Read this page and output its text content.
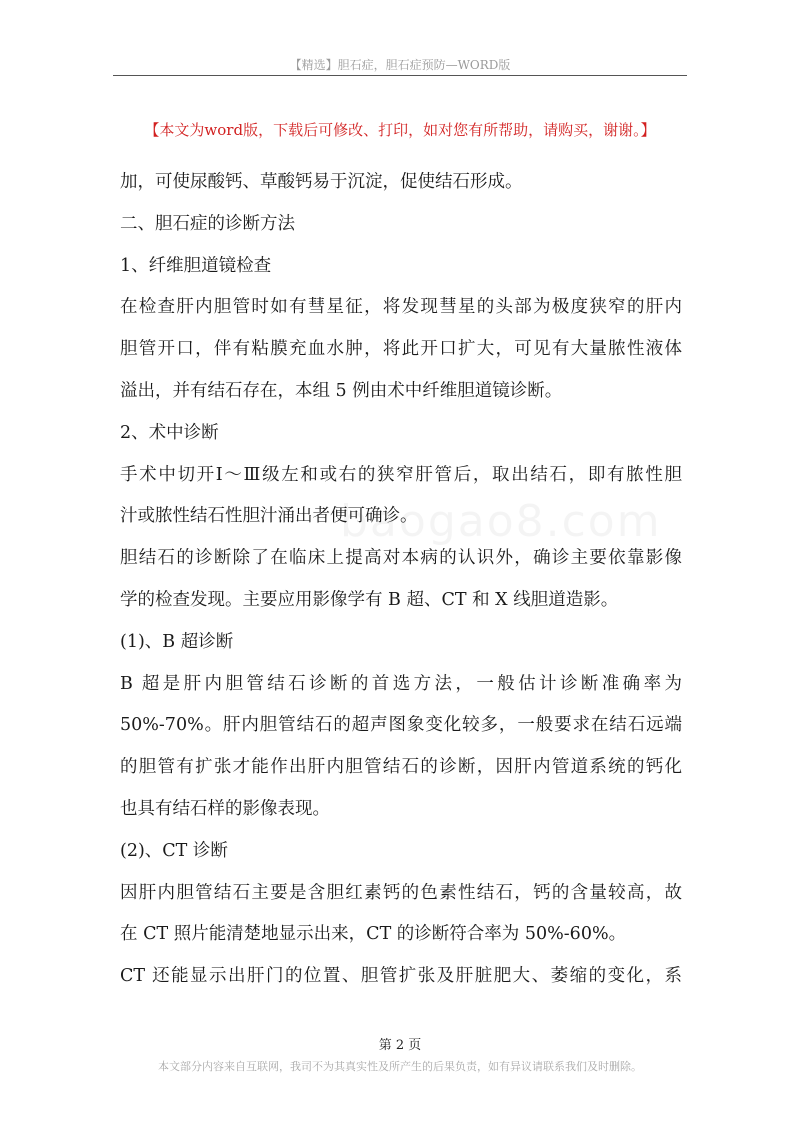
【精选】胆石症，胆石症预防—WORD版
【本文为word版，下载后可修改、打印，如对您有所帮助，请购买，谢谢。】

加，可使尿酸钙、草酸钙易于沉淀，促使结石形成。

二、胆石症的诊断方法

1、纤维胆道镜检查

在检查肝内胆管时如有彗星征，将发现彗星的头部为极度狭窄的肝内

胆管开口，伴有粘膜充血水肿，将此开口扩大，可见有大量脓性液体

溢出，并有结石存在，本组 5 例由术中纤维胆道镜诊断。

2、术中诊断

手术中切开Ⅰ～Ⅲ级左和或右的狭窄肝管后，取出结石，即有脓性胆

汁或脓性结石性胆汁涌出者便可确诊。

胆结石的诊断除了在临床上提高对本病的认识外，确诊主要依靠影像

学的检查发现。主要应用影像学有 B 超、CT 和 X 线胆道造影。

(1)、B 超诊断

B 超是肝内胆管结石诊断的首选方法，一般估计诊断准确率为

50%-70%。肝内胆管结石的超声图象变化较多，一般要求在结石远端

的胆管有扩张才能作出肝内胆管结石的诊断，因肝内管道系统的钙化

也具有结石样的影像表现。

(2)、CT 诊断

因肝内胆管结石主要是含胆红素钙的色素性结石，钙的含量较高，故

在 CT 照片能清楚地显示出来，CT 的诊断符合率为 50%-60%。

CT 还能显示出肝门的位置、胆管扩张及肝脏肥大、萎缩的变化，系

第 2 页
本文部分内容来自互联网，我司不为其真实性及所产生的后果负责，如有异议请联系我们及时删除。
